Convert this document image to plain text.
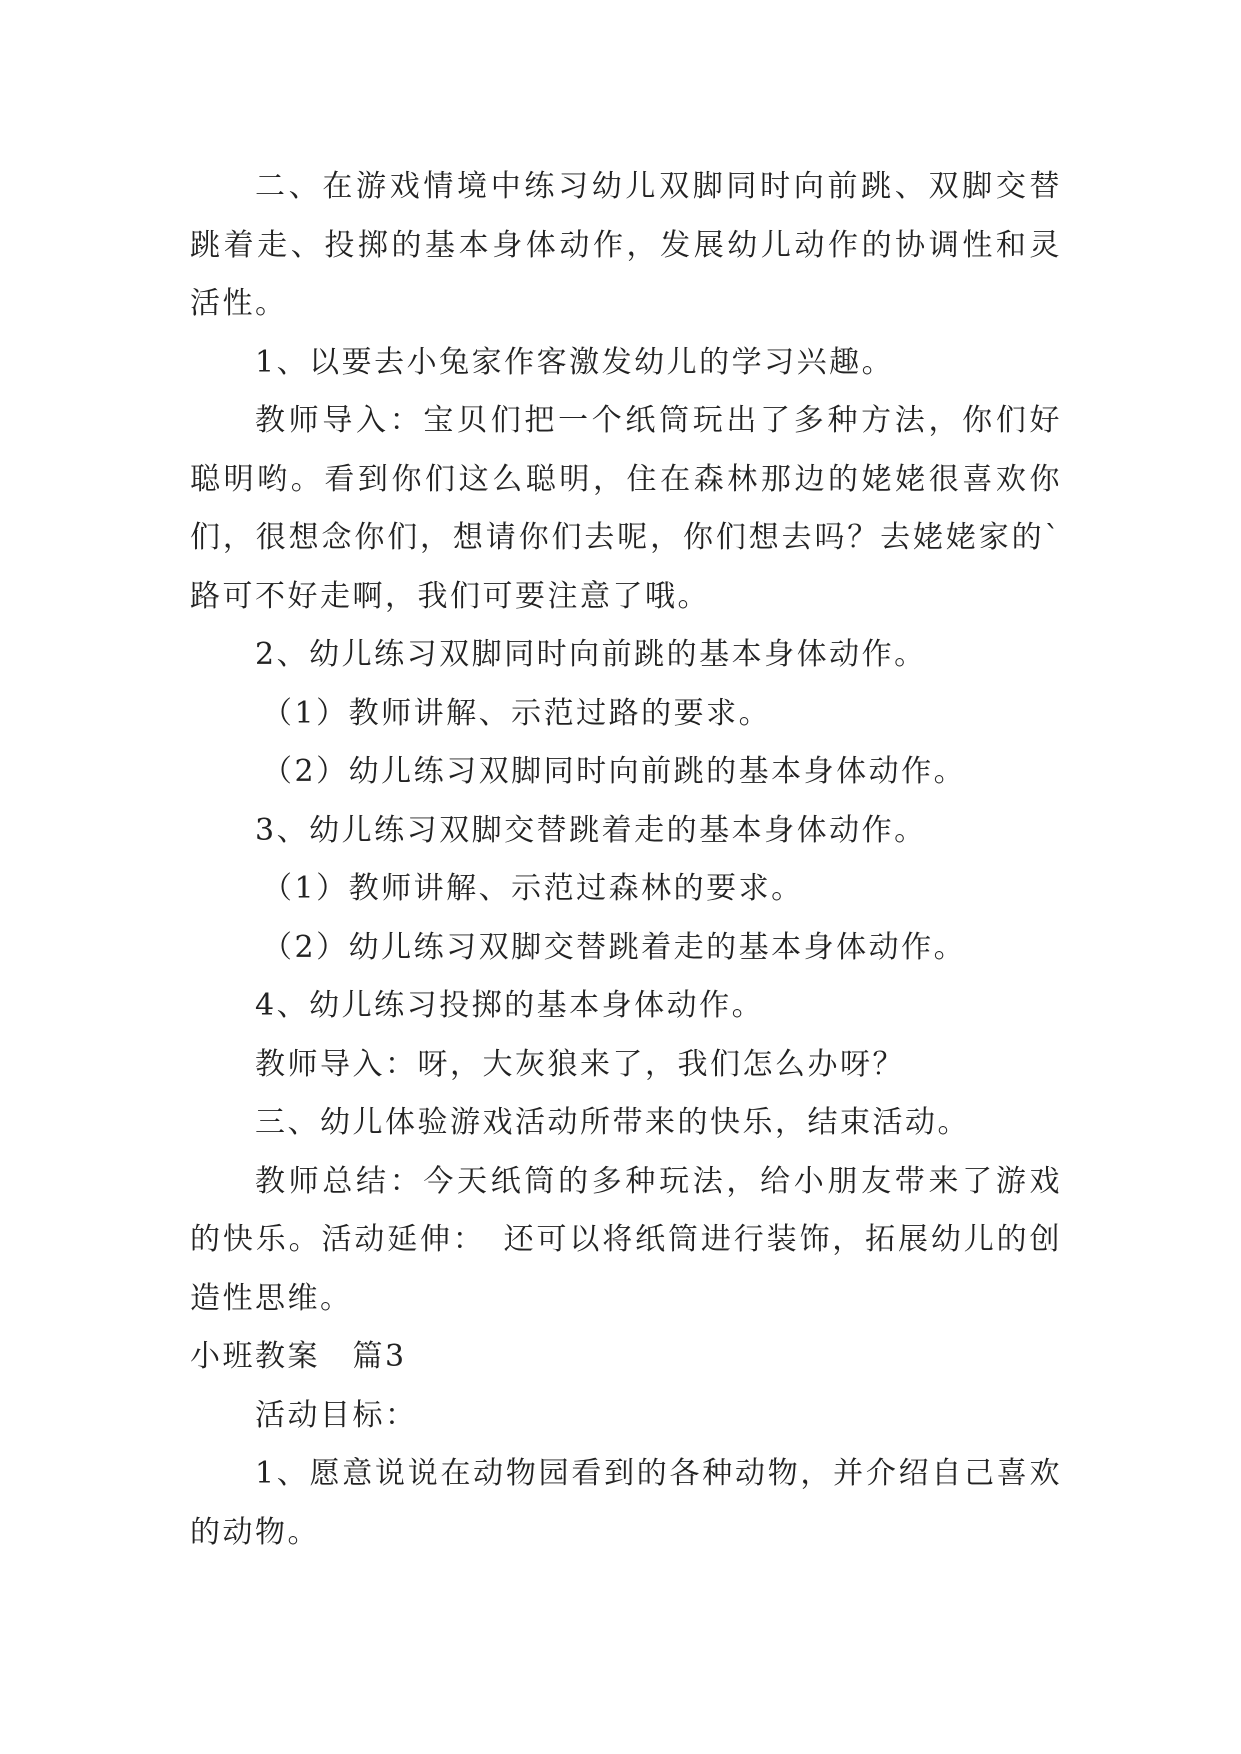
二、在游戏情境中练习幼儿双脚同时向前跳、双脚交替跳着走、投掷的基本身体动作，发展幼儿动作的协调性和灵活性。

1、以要去小兔家作客激发幼儿的学习兴趣。

教师导入：宝贝们把一个纸筒玩出了多种方法，你们好聪明哟。看到你们这么聪明，住在森林那边的姥姥很喜欢你们，很想念你们，想请你们去呢，你们想去吗？去姥姥家的`路可不好走啊，我们可要注意了哦。

2、幼儿练习双脚同时向前跳的基本身体动作。

（1）教师讲解、示范过路的要求。

（2）幼儿练习双脚同时向前跳的基本身体动作。

3、幼儿练习双脚交替跳着走的基本身体动作。

（1）教师讲解、示范过森林的要求。

（2）幼儿练习双脚交替跳着走的基本身体动作。

4、幼儿练习投掷的基本身体动作。

教师导入：呀，大灰狼来了，我们怎么办呀？

三、幼儿体验游戏活动所带来的快乐，结束活动。

教师总结：今天纸筒的多种玩法，给小朋友带来了游戏的快乐。活动延伸：　还可以将纸筒进行装饰，拓展幼儿的创造性思维。

小班教案　篇3

活动目标：

1、愿意说说在动物园看到的各种动物，并介绍自己喜欢的动物。
